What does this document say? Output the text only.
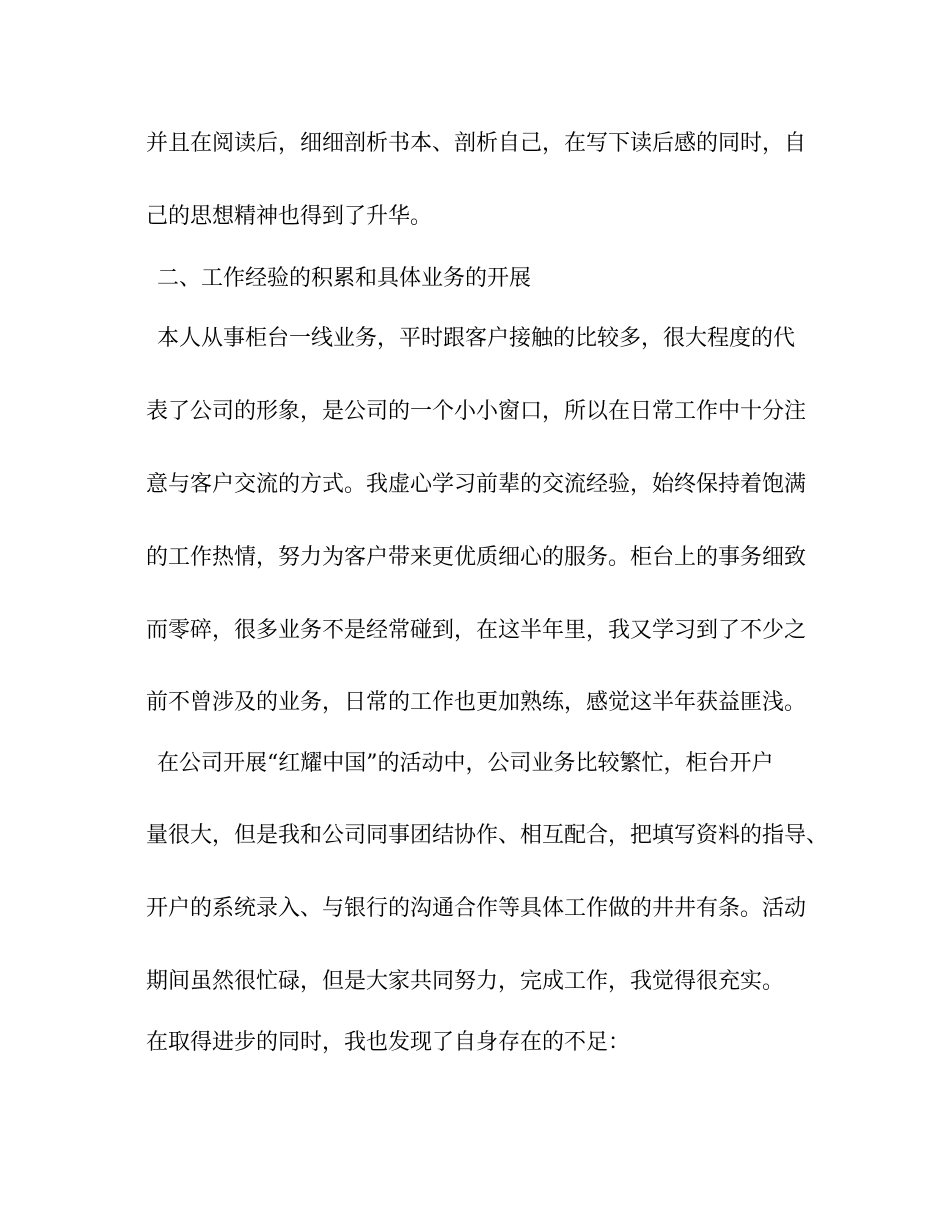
并且在阅读后，细细剖析书本、剖析自己，在写下读后感的同时，自
己的思想精神也得到了升华。
二、工作经验的积累和具体业务的开展
本人从事柜台一线业务，平时跟客户接触的比较多，很大程度的代
表了公司的形象，是公司的一个小小窗口，所以在日常工作中十分注
意与客户交流的方式。我虚心学习前辈的交流经验，始终保持着饱满
的工作热情，努力为客户带来更优质细心的服务。柜台上的事务细致
而零碎，很多业务不是经常碰到，在这半年里，我又学习到了不少之
前不曾涉及的业务，日常的工作也更加熟练，感觉这半年获益匪浅。
在公司开展“红耀中国”的活动中，公司业务比较繁忙，柜台开户
量很大，但是我和公司同事团结协作、相互配合，把填写资料的指导、
开户的系统录入、与银行的沟通合作等具体工作做的井井有条。活动
期间虽然很忙碌，但是大家共同努力，完成工作，我觉得很充实。
在取得进步的同时，我也发现了自身存在的不足：
